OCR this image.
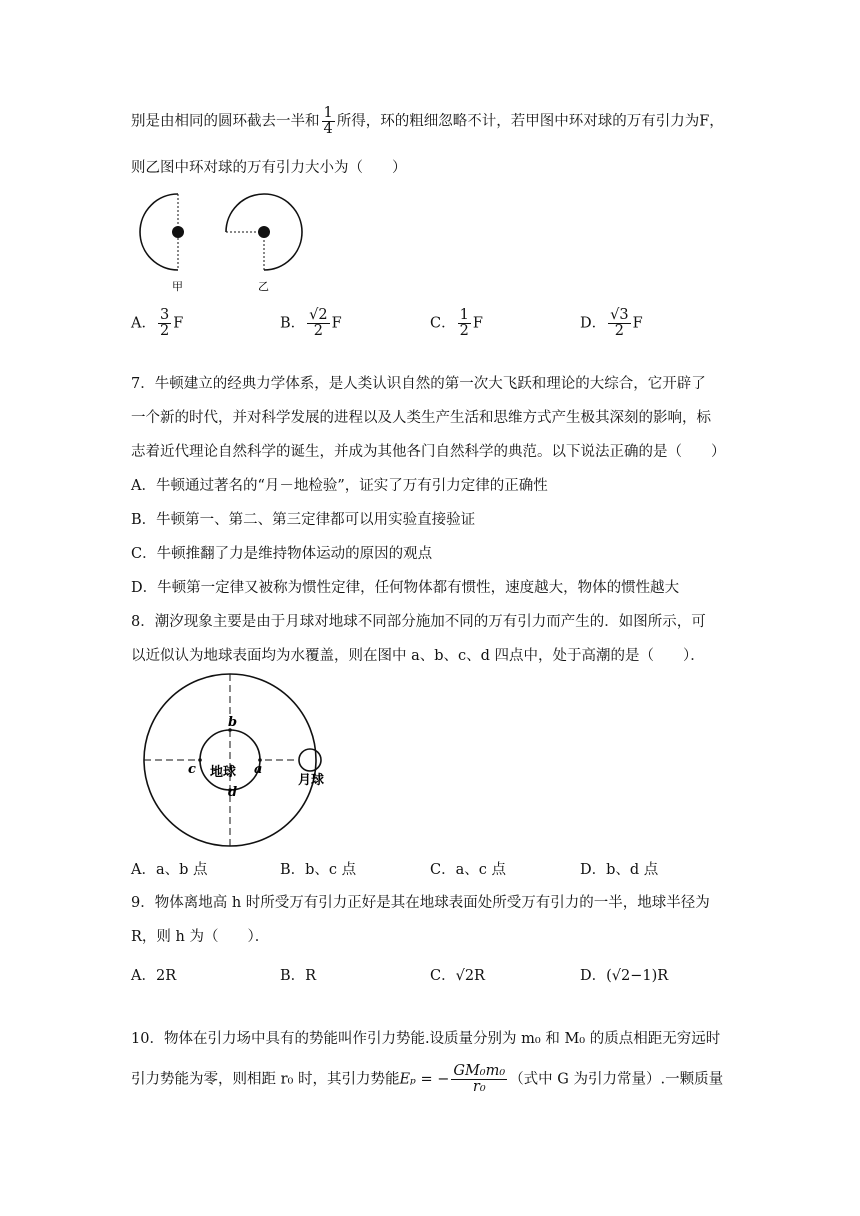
别是由相同的圆环截去一半和 $\frac{1}{4}$ 所得，环的粗细忽略不计，若甲图中环对球的万有引力为F，
则乙图中环对球的万有引力大小为（　　）
甲	乙
A． $\frac{3}{2}$ F	B． $\frac{√2}{2}$ F	C． $\frac{1}{2}$ F	D． $\frac{√3}{2}$ F
7．牛顿建立的经典力学体系，是人类认识自然的第一次大飞跃和理论的大综合，它开辟了
一个新的时代，并对科学发展的进程以及人类生产生活和思维方式产生极其深刻的影响，标
志着近代理论自然科学的诞生，并成为其他各门自然科学的典范。以下说法正确的是（　　）
A．牛顿通过著名的“月－地检验”，证实了万有引力定律的正确性
B．牛顿第一、第二、第三定律都可以用实验直接验证
C．牛顿推翻了力是维持物体运动的原因的观点
D．牛顿第一定律又被称为惯性定律，任何物体都有惯性，速度越大，物体的惯性越大
8．潮汐现象主要是由于月球对地球不同部分施加不同的万有引力而产生的．如图所示，可
以近似认为地球表面均为水覆盖，则在图中 a、b、c、d 四点中，处于高潮的是（　　）．
地球
月球
b
a
c
d
A．a、b 点	B．b、c 点	C．a、c 点	D．b、d 点
9．物体离地高 h 时所受万有引力正好是其在地球表面处所受万有引力的一半，地球半径为
R，则 h 为（　　）．
A．2R	B．R	C．√2R	D．(√2−1)R
10．物体在引力场中具有的势能叫作引力势能.设质量分别为 m₀ 和 M₀ 的质点相距无穷远时
引力势能为零，则相距 r₀ 时，其引力势能Eₚ = − $\frac{\text{GM₀m₀}}{\text{r₀}}$ （式中 G 为引力常量）.一颗质量
